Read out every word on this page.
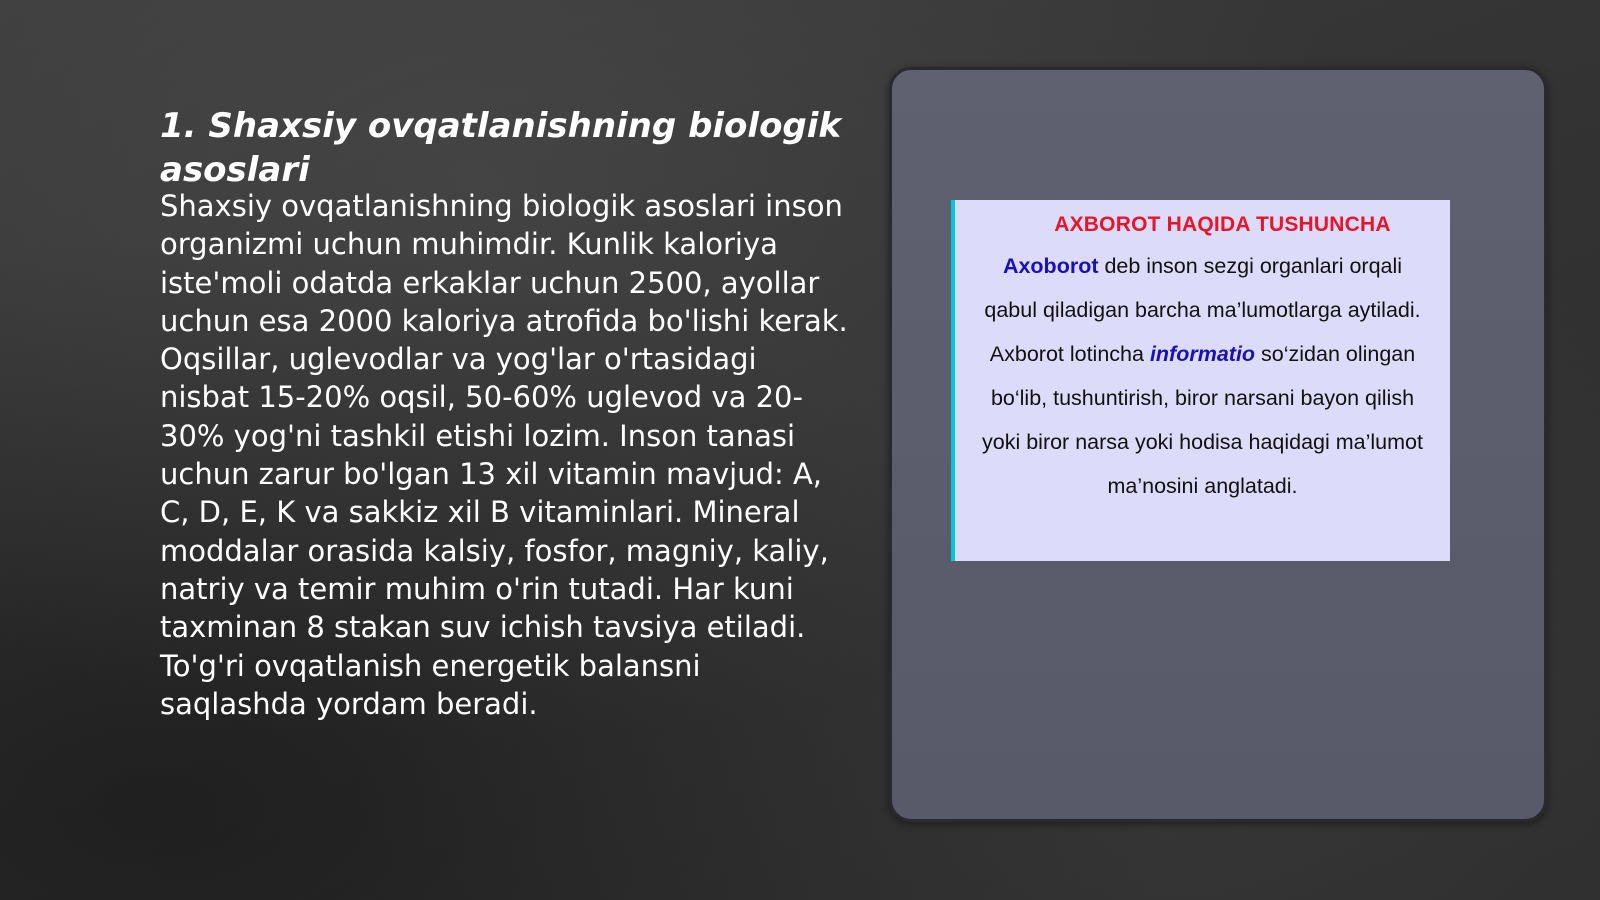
1. Shaxsiy ovqatlanishning biologik asoslari

Shaxsiy ovqatlanishning biologik asoslari inson organizmi uchun muhimdir. Kunlik kaloriya iste'moli odatda erkaklar uchun 2500, ayollar uchun esa 2000 kaloriya atrofida bo'lishi kerak. Oqsillar, uglevodlar va yog'lar o'rtasidagi nisbat 15-20% oqsil, 50-60% uglevod va 20-30% yog'ni tashkil etishi lozim. Inson tanasi uchun zarur bo'lgan 13 xil vitamin mavjud: A, C, D, E, K va sakkiz xil B vitaminlari. Mineral moddalar orasida kalsiy, fosfor, magniy, kaliy, natriy va temir muhim o'rin tutadi. Har kuni taxminan 8 stakan suv ichish tavsiya etiladi. To'g'ri ovqatlanish energetik balansni saqlashda yordam beradi.

AXBOROT HAQIDA TUSHUNCHA

Axoborot deb inson sezgi organlari orqali qabul qiladigan barcha ma’lumotlarga aytiladi. Axborot lotincha informatio so‘zidan olingan bo‘lib, tushuntirish, biror narsani bayon qilish yoki biror narsa yoki hodisa haqidagi ma’lumot ma’nosini anglatadi.
